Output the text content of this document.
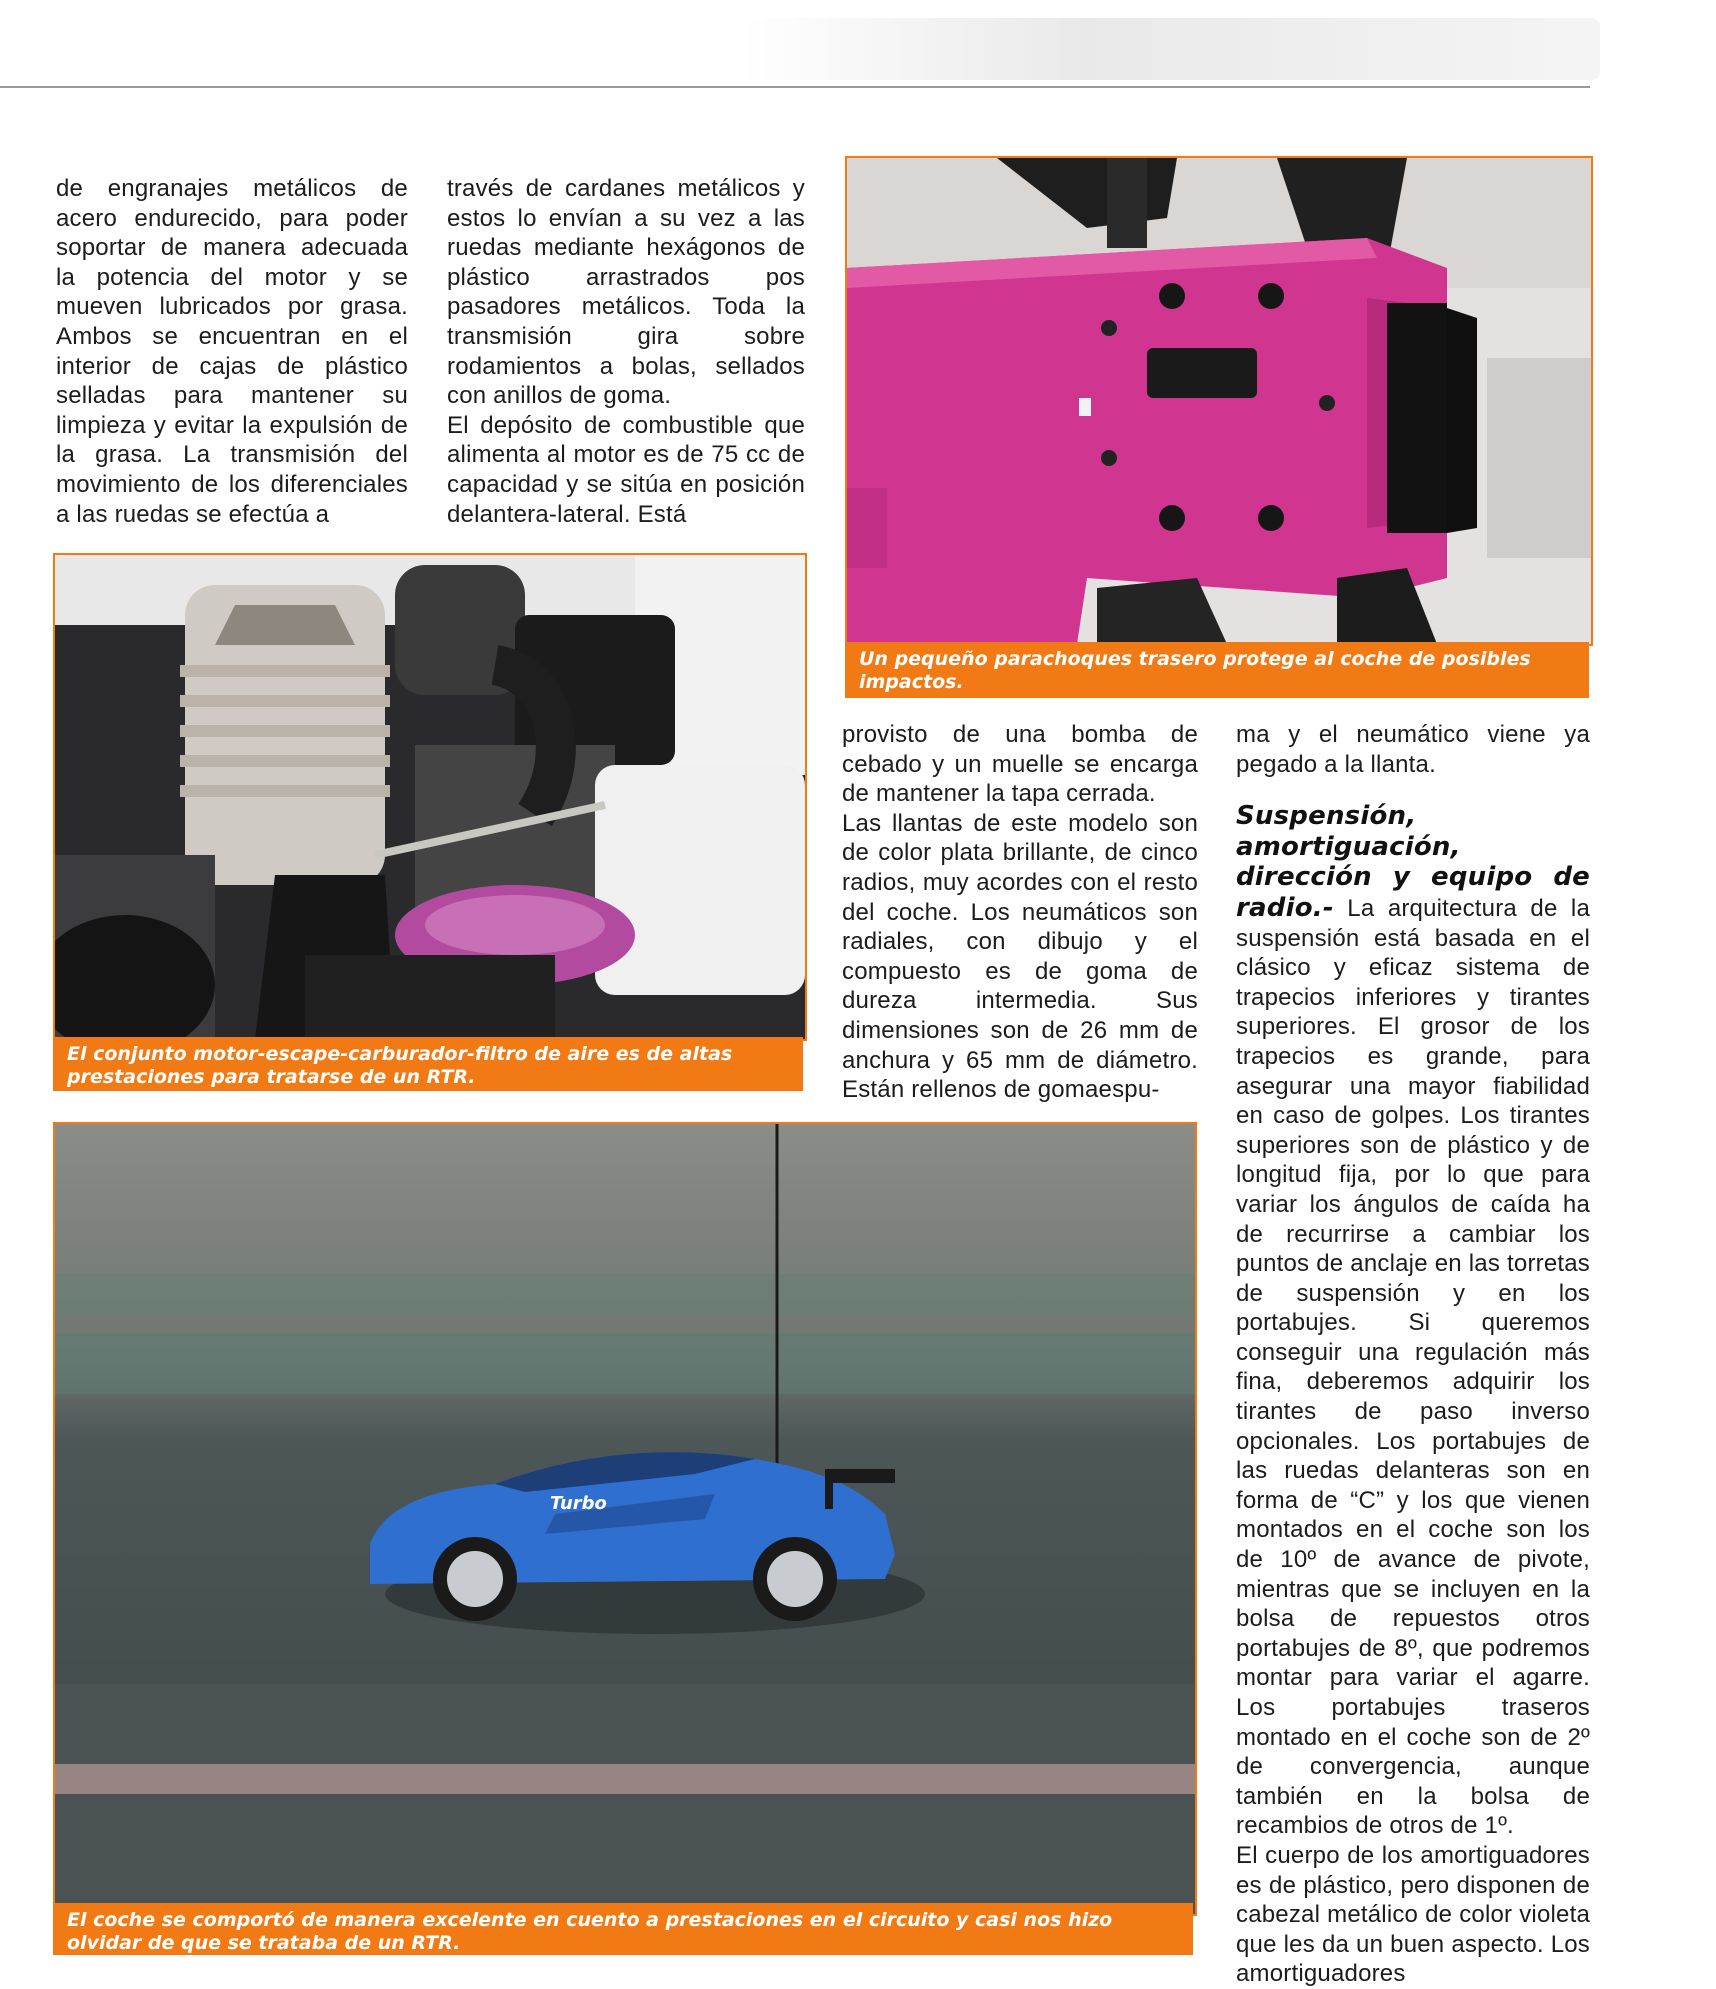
de engranajes metálicos de acero endurecido, para poder soportar de manera adecuada la potencia del motor y se mueven lubricados por grasa. Ambos se encuentran en el interior de cajas de plástico selladas para mantener su limpieza y evitar la expulsión de la grasa. La transmisión del movimiento de los diferenciales a las ruedas se efectúa a

través de cardanes metálicos y estos lo envían a su vez a las ruedas mediante hexágonos de plástico arrastrados pos pasadores metálicos. Toda la transmisión gira sobre rodamientos a bolas, sellados con anillos de goma.

El depósito de combustible que alimenta al motor es de 75 cc de capacidad y se sitúa en posición delantera-lateral. Está

Un pequeño parachoques trasero protege al coche de posibles impactos.
El conjunto motor-escape-carburador-filtro de aire es de altas prestaciones para tratarse de un RTR.

provisto de una bomba de cebado y un muelle se encarga de mantener la tapa cerrada.

Las llantas de este modelo son de color plata brillante, de cinco radios, muy acordes con el resto del coche. Los neumáticos son radiales, con dibujo y el compuesto es de goma de dureza intermedia. Sus dimensiones son de 26 mm de anchura y 65 mm de diámetro. Están rellenos de gomaespu-

ma y el neumático viene ya pegado a la llanta.

Suspensión, amortiguación, dirección y equipo de radio.- La arquitectura de la suspensión está basada en el clásico y eficaz sistema de trapecios inferiores y tirantes superiores. El grosor de los trapecios es grande, para asegurar una mayor fiabilidad en caso de golpes. Los tirantes superiores son de plástico y de longitud fija, por lo que para variar los ángulos de caída ha de recurrirse a cambiar los puntos de anclaje en las torretas de suspensión y en los portabujes. Si queremos conseguir una regulación más fina, deberemos adquirir los tirantes de paso inverso opcionales. Los portabujes de las ruedas delanteras son en forma de “C” y los que vienen montados en el coche son los de 10º de avance de pivote, mientras que se incluyen en la bolsa de repuestos otros portabujes de 8º, que podremos montar para variar el agarre. Los portabujes traseros montado en el coche son de 2º de convergencia, aunque también en la bolsa de recambios de otros de 1º.

El cuerpo de los amortiguadores es de plástico, pero disponen de cabezal metálico de color violeta que les da un buen aspecto. Los amortiguadores

Turbo
El coche se comportó de manera excelente en cuento a prestaciones en el circuito y casi nos hizo olvidar de que se trataba de un RTR.
